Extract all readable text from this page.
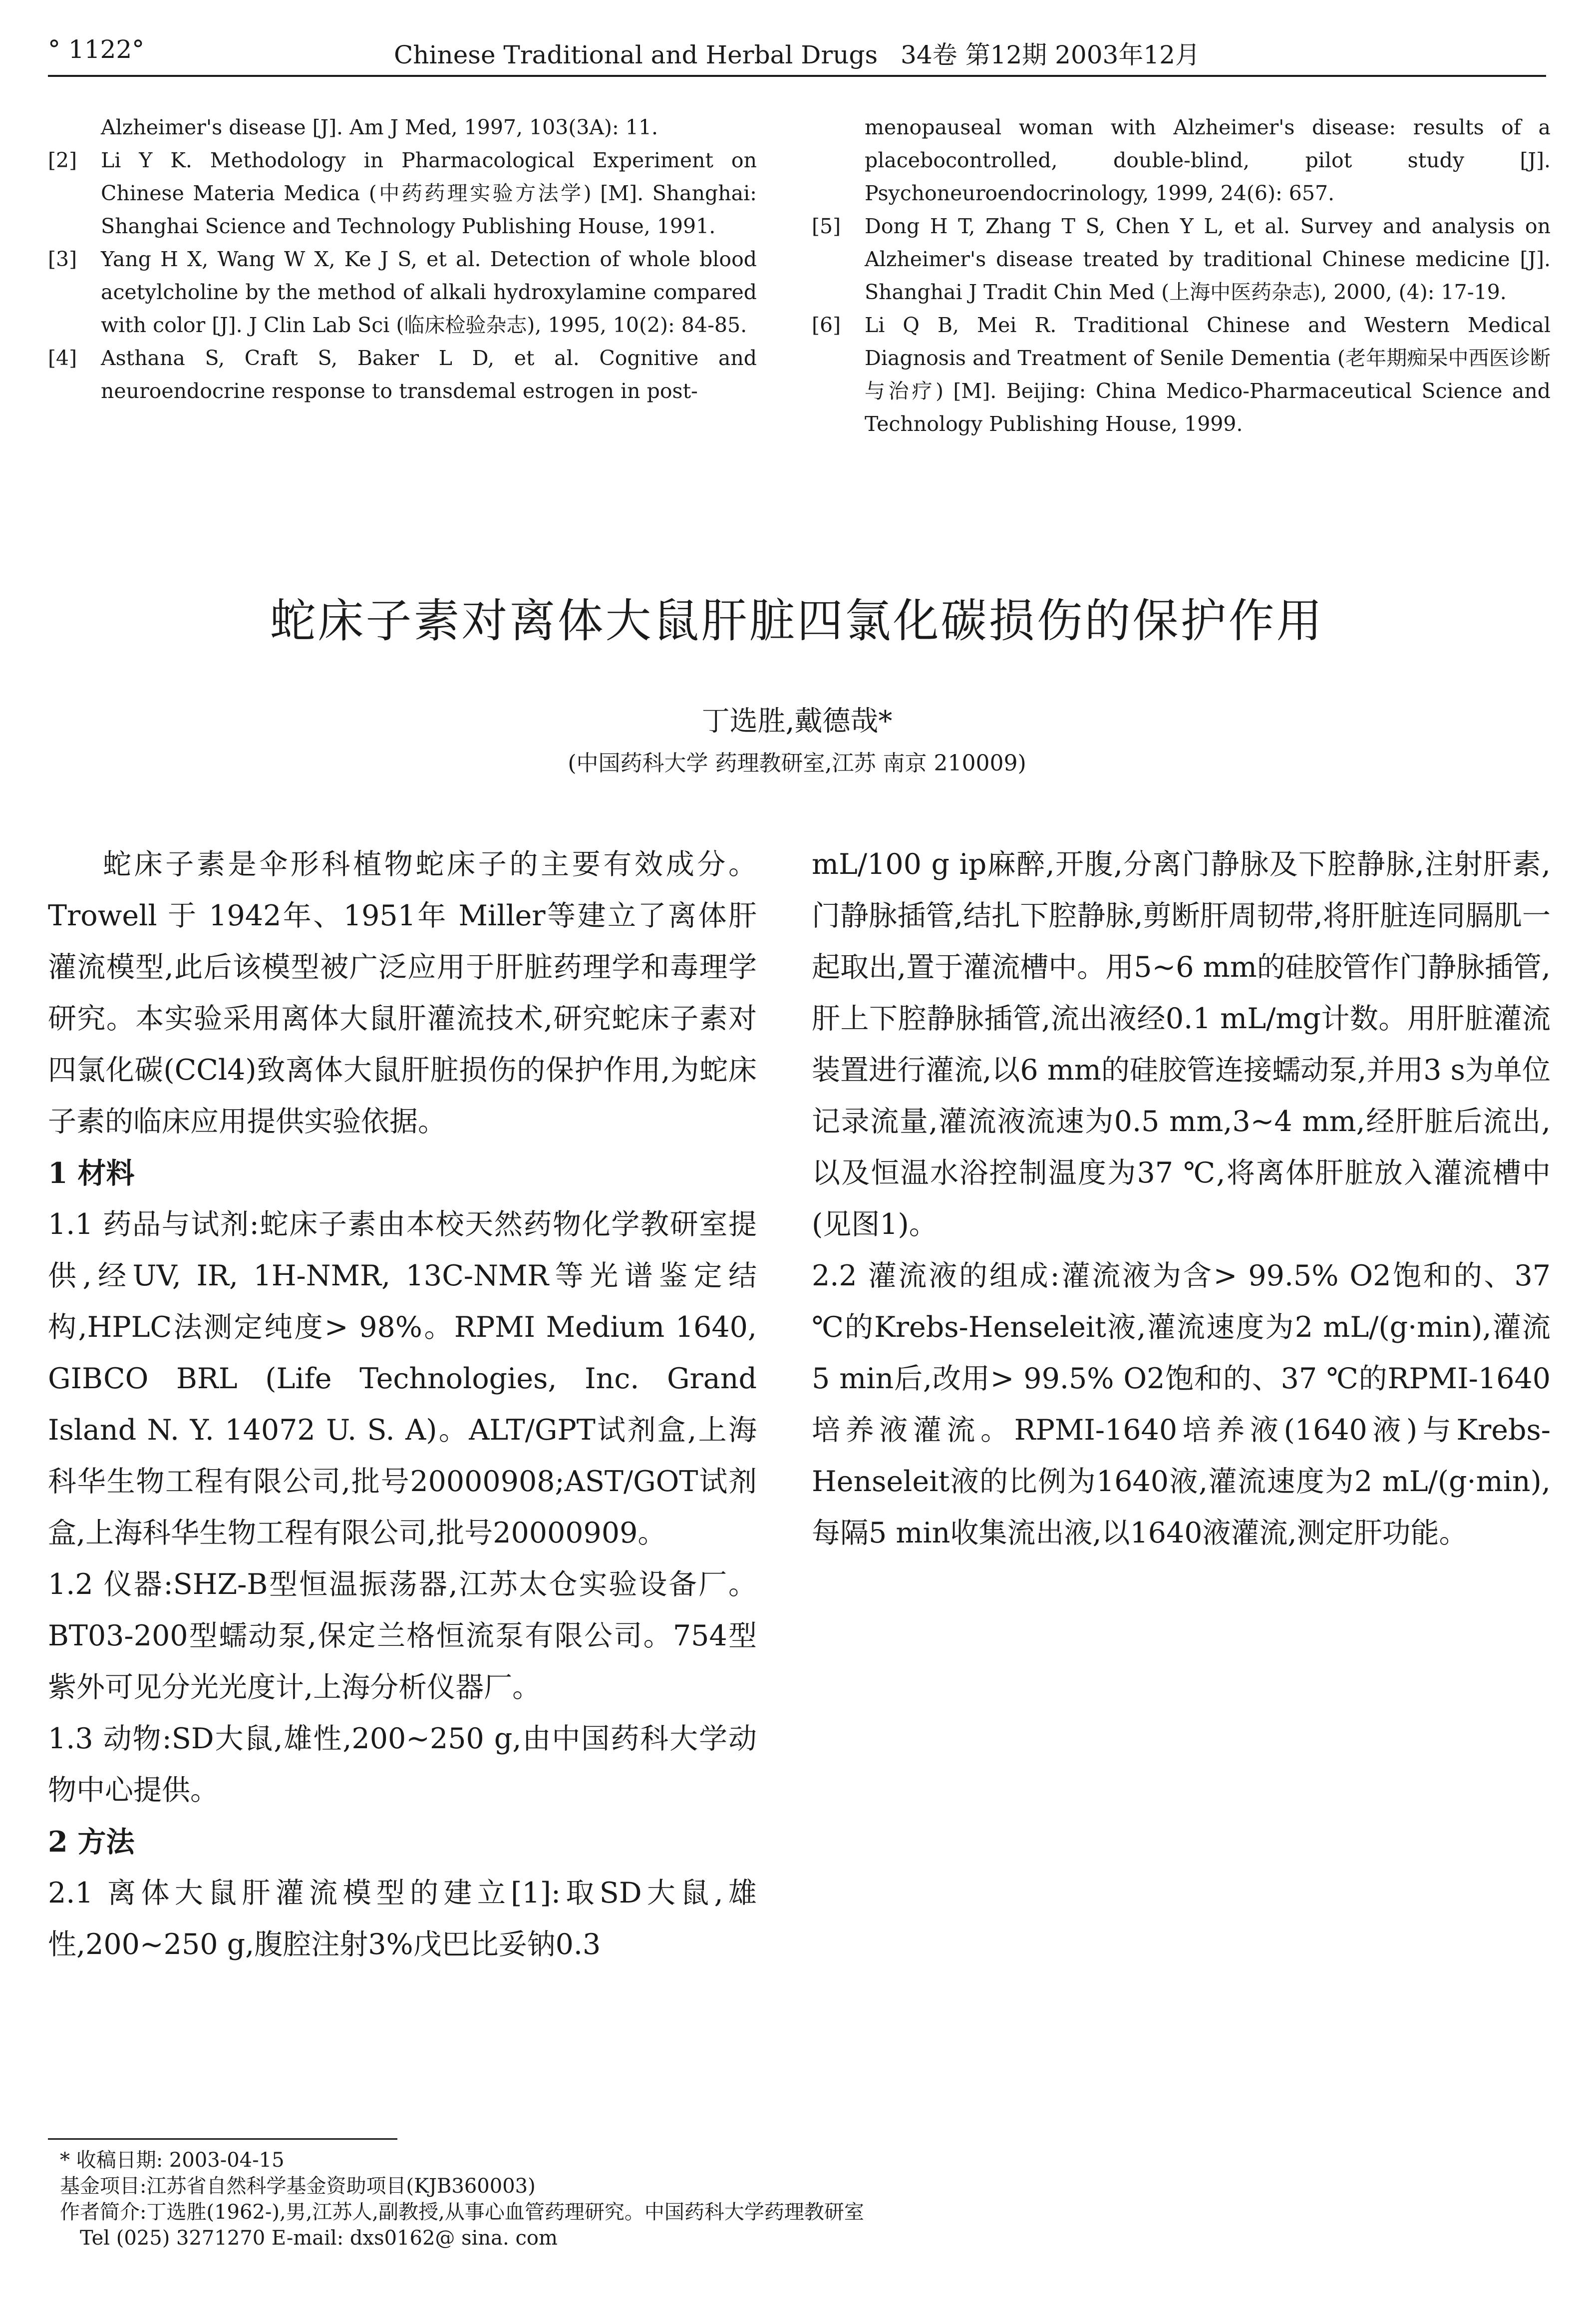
° 1122°	Chinese Traditional and Herbal Drugs 34卷 第12期 2003年12月

Alzheimer's disease [J]. Am J Med, 1997, 103(3A): 11.

[2] Li Y K. Methodology in Pharmacological Experiment on Chinese Materia Medica (中药药理实验方法学) [M]. Shanghai: Shanghai Science and Technology Publishing House, 1991.

[3] Yang H X, Wang W X, Ke J S, et al. Detection of whole blood acetylcholine by the method of alkali hydroxylamine compared with color [J]. J Clin Lab Sci (临床检验杂志), 1995, 10(2): 84-85.

[4] Asthana S, Craft S, Baker L D, et al. Cognitive and neuroendocrine response to transdemal estrogen in post-

menopauseal woman with Alzheimer's disease: results of a placebocontrolled, double-blind, pilot study [J]. Psychoneuroendocrinology, 1999, 24(6): 657.

[5] Dong H T, Zhang T S, Chen Y L, et al. Survey and analysis on Alzheimer's disease treated by traditional Chinese medicine [J]. Shanghai J Tradit Chin Med (上海中医药杂志), 2000, (4): 17-19.

[6] Li Q B, Mei R. Traditional Chinese and Western Medical Diagnosis and Treatment of Senile Dementia (老年期痴呆中西医诊断与治疗) [M]. Beijing: China Medico-Pharmaceutical Science and Technology Publishing House, 1999.

蛇床子素对离体大鼠肝脏四氯化碳损伤的保护作用
丁选胜,戴德哉*
(中国药科大学 药理教研室,江苏 南京 210009)

蛇床子素是伞形科植物蛇床子的主要有效成分。Trowell 于 1942年、1951年 Miller等建立了离体肝灌流模型,此后该模型被广泛应用于肝脏药理学和毒理学研究。本实验采用离体大鼠肝灌流技术,研究蛇床子素对四氯化碳(CCl4)致离体大鼠肝脏损伤的保护作用,为蛇床子素的临床应用提供实验依据。

1 材料

1.1 药品与试剂:蛇床子素由本校天然药物化学教研室提供,经UV, IR, 1H-NMR, 13C-NMR等光谱鉴定结构,HPLC法测定纯度> 98%。RPMI Medium 1640, GIBCO BRL (Life Technologies, Inc. Grand Island N. Y. 14072 U. S. A)。ALT/GPT试剂盒,上海科华生物工程有限公司,批号20000908;AST/GOT试剂盒,上海科华生物工程有限公司,批号20000909。

1.2 仪器:SHZ-B型恒温振荡器,江苏太仓实验设备厂。BT03-200型蠕动泵,保定兰格恒流泵有限公司。754型紫外可见分光光度计,上海分析仪器厂。

1.3 动物:SD大鼠,雄性,200~250 g,由中国药科大学动物中心提供。

2 方法

2.1 离体大鼠肝灌流模型的建立[1]:取SD大鼠,雄性,200~250 g,腹腔注射3%戊巴比妥钠0.3

mL/100 g ip麻醉,开腹,分离门静脉及下腔静脉,注射肝素,门静脉插管,结扎下腔静脉,剪断肝周韧带,将肝脏连同膈肌一起取出,置于灌流槽中。用5~6 mm的硅胶管作门静脉插管,肝上下腔静脉插管,流出液经0.1 mL/mg计数。用肝脏灌流装置进行灌流,以6 mm的硅胶管连接蠕动泵,并用3 s为单位记录流量,灌流液流速为0.5 mm,3~4 mm,经肝脏后流出,以及恒温水浴控制温度为37 ℃,将离体肝脏放入灌流槽中(见图1)。

2.2 灌流液的组成:灌流液为含> 99.5% O2饱和的、37 ℃的Krebs-Henseleit液,灌流速度为2 mL/(g·min),灌流5 min后,改用> 99.5% O2饱和的、37 ℃的RPMI-1640培养液灌流。RPMI-1640培养液(1640液)与Krebs-Henseleit液的比例为1640液,灌流速度为2 mL/(g·min),每隔5 min收集流出液,以1640液灌流,测定肝功能。

* 收稿日期: 2003-04-15

基金项目:江苏省自然科学基金资助项目(KJB360003)

作者简介:丁选胜(1962-),男,江苏人,副教授,从事心血管药理研究。中国药科大学药理教研室

Tel (025) 3271270 E-mail: dxs0162@ sina. com
